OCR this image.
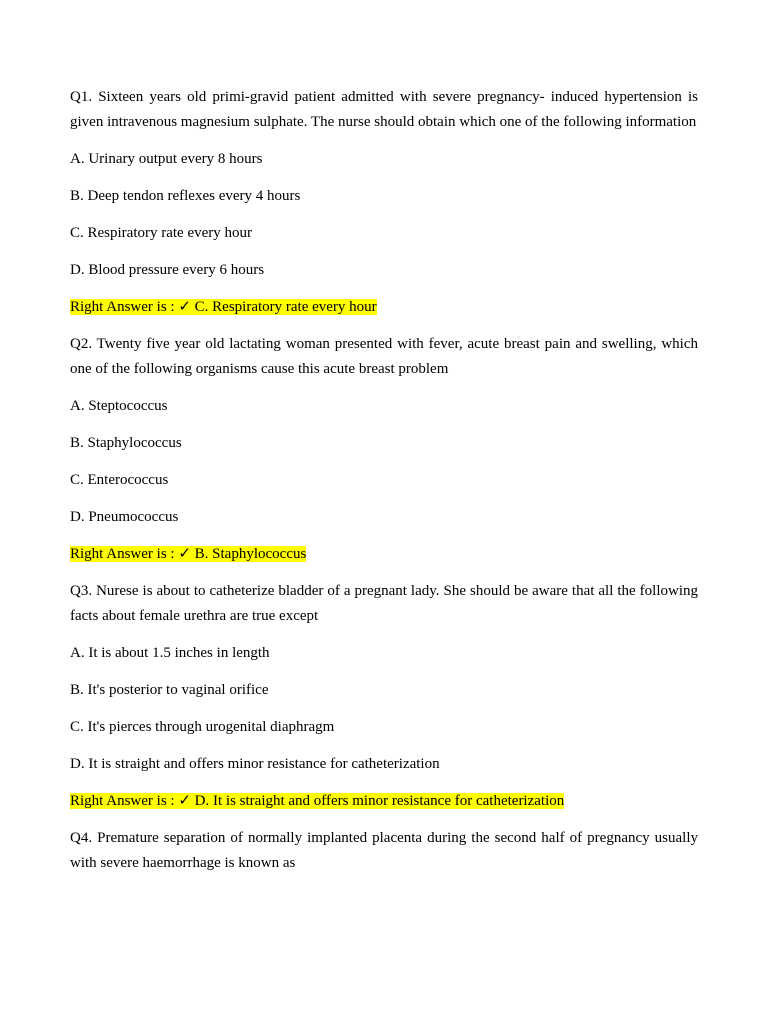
Q1. Sixteen years old primi-gravid patient admitted with severe pregnancy- induced hypertension is given intravenous magnesium sulphate. The nurse should obtain which one of the following information

A. Urinary output every 8 hours

B. Deep tendon reflexes every 4 hours

C. Respiratory rate every hour

D. Blood pressure every 6 hours

Right Answer is : ✓ C. Respiratory rate every hour

Q2. Twenty five year old lactating woman presented with fever, acute breast pain and swelling, which one of the following organisms cause this acute breast problem

A. Steptococcus

B. Staphylococcus

C. Enterococcus

D. Pneumococcus

Right Answer is : ✓ B. Staphylococcus

Q3. Nurese is about to catheterize bladder of a pregnant lady. She should be aware that all the following facts about female urethra are true except

A. It is about 1.5 inches in length

B. It's posterior to vaginal orifice

C. It's pierces through urogenital diaphragm

D. It is straight and offers minor resistance for catheterization

Right Answer is : ✓ D. It is straight and offers minor resistance for catheterization

Q4. Premature separation of normally implanted placenta during the second half of pregnancy usually with severe haemorrhage is known as
